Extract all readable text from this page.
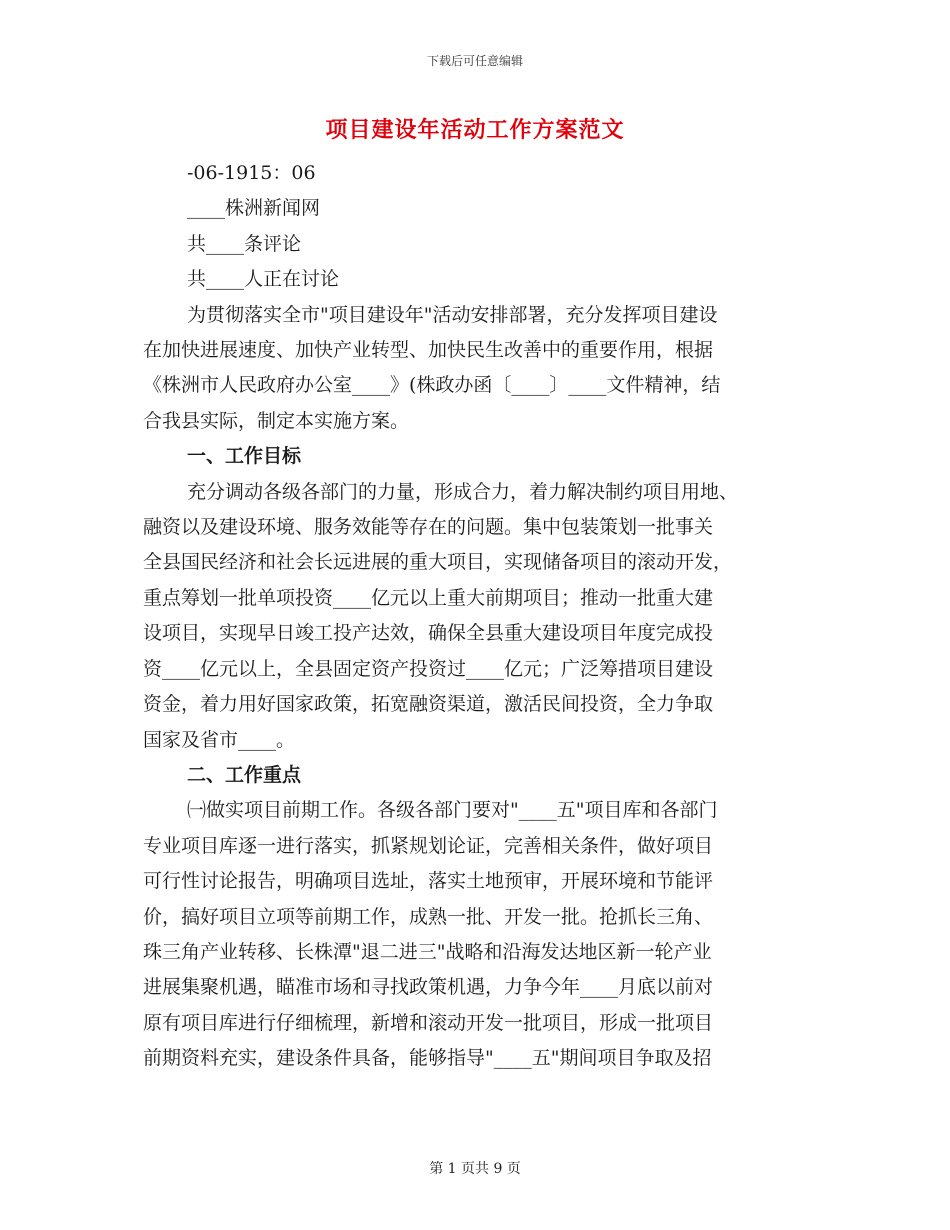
下载后可任意编辑
项目建设年活动工作方案范文

-06-1915：06

____株洲新闻网

共____条评论

共____人正在讨论

为贯彻落实全市"项目建设年"活动安排部署，充分发挥项目建设

在加快进展速度、加快产业转型、加快民生改善中的重要作用，根据

《株洲市人民政府办公室____》(株政办函〔____〕____文件精神，结

合我县实际，制定本实施方案。

一、工作目标

充分调动各级各部门的力量，形成合力，着力解决制约项目用地、

融资以及建设环境、服务效能等存在的问题。集中包装策划一批事关

全县国民经济和社会长远进展的重大项目，实现储备项目的滚动开发，

重点筹划一批单项投资____亿元以上重大前期项目；推动一批重大建

设项目，实现早日竣工投产达效，确保全县重大建设项目年度完成投

资____亿元以上，全县固定资产投资过____亿元；广泛筹措项目建设

资金，着力用好国家政策，拓宽融资渠道，激活民间投资，全力争取

国家及省市____。

二、工作重点

㈠做实项目前期工作。各级各部门要对"____五"项目库和各部门

专业项目库逐一进行落实，抓紧规划论证，完善相关条件，做好项目

可行性讨论报告，明确项目选址，落实土地预审，开展环境和节能评

价，搞好项目立项等前期工作，成熟一批、开发一批。抢抓长三角、

珠三角产业转移、长株潭"退二进三"战略和沿海发达地区新一轮产业

进展集聚机遇，瞄准市场和寻找政策机遇，力争今年____月底以前对

原有项目库进行仔细梳理，新增和滚动开发一批项目，形成一批项目

前期资料充实，建设条件具备，能够指导"____五"期间项目争取及招

第 1 页共 9 页
